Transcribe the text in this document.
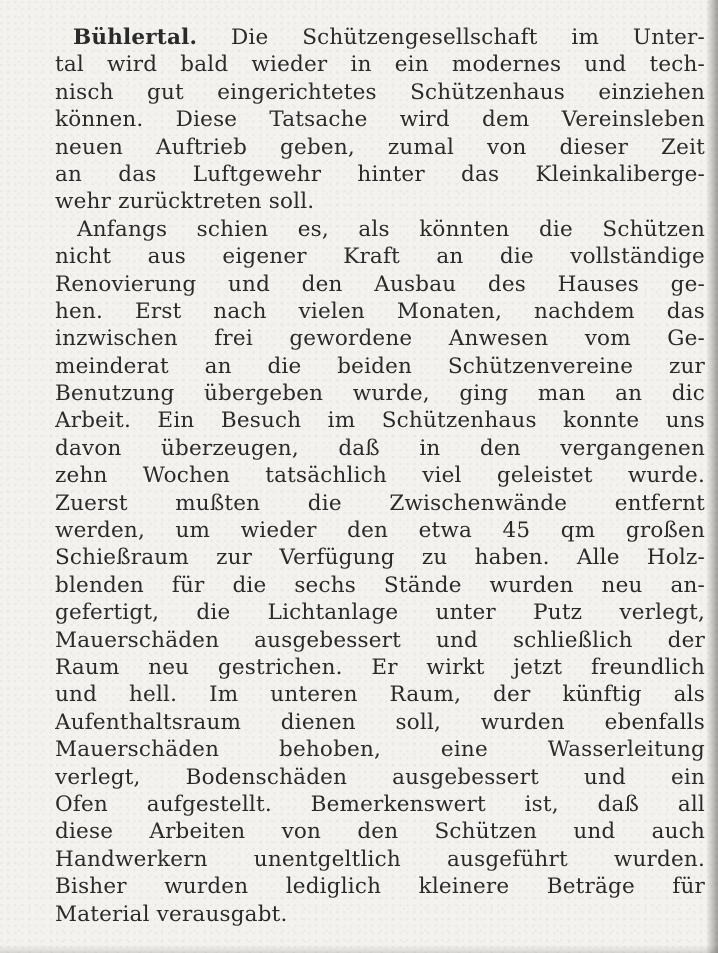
Bühlertal. Die Schützengesellschaft im Unter-
tal wird bald wieder in ein modernes und tech-
nisch gut eingerichtetes Schützenhaus einziehen
können. Diese Tatsache wird dem Vereinsleben
neuen Auftrieb geben, zumal von dieser Zeit
an das Luftgewehr hinter das Kleinkaliberge-
wehr zurücktreten soll.
Anfangs schien es, als könnten die Schützen
nicht aus eigener Kraft an die vollständige
Renovierung und den Ausbau des Hauses ge-
hen. Erst nach vielen Monaten, nachdem das
inzwischen frei gewordene Anwesen vom Ge-
meinderat an die beiden Schützenvereine zur
Benutzung übergeben wurde, ging man an dic
Arbeit. Ein Besuch im Schützenhaus konnte uns
davon überzeugen, daß in den vergangenen
zehn Wochen tatsächlich viel geleistet wurde.
Zuerst mußten die Zwischenwände entfernt
werden, um wieder den etwa 45 qm großen
Schießraum zur Verfügung zu haben. Alle Holz-
blenden für die sechs Stände wurden neu an-
gefertigt, die Lichtanlage unter Putz verlegt,
Mauerschäden ausgebessert und schließlich der
Raum neu gestrichen. Er wirkt jetzt freundlich
und hell. Im unteren Raum, der künftig als
Aufenthaltsraum dienen soll, wurden ebenfalls
Mauerschäden behoben, eine Wasserleitung
verlegt, Bodenschäden ausgebessert und ein
Ofen aufgestellt. Bemerkenswert ist, daß all
diese Arbeiten von den Schützen und auch
Handwerkern unentgeltlich ausgeführt wurden.
Bisher wurden lediglich kleinere Beträge für
Material verausgabt.
